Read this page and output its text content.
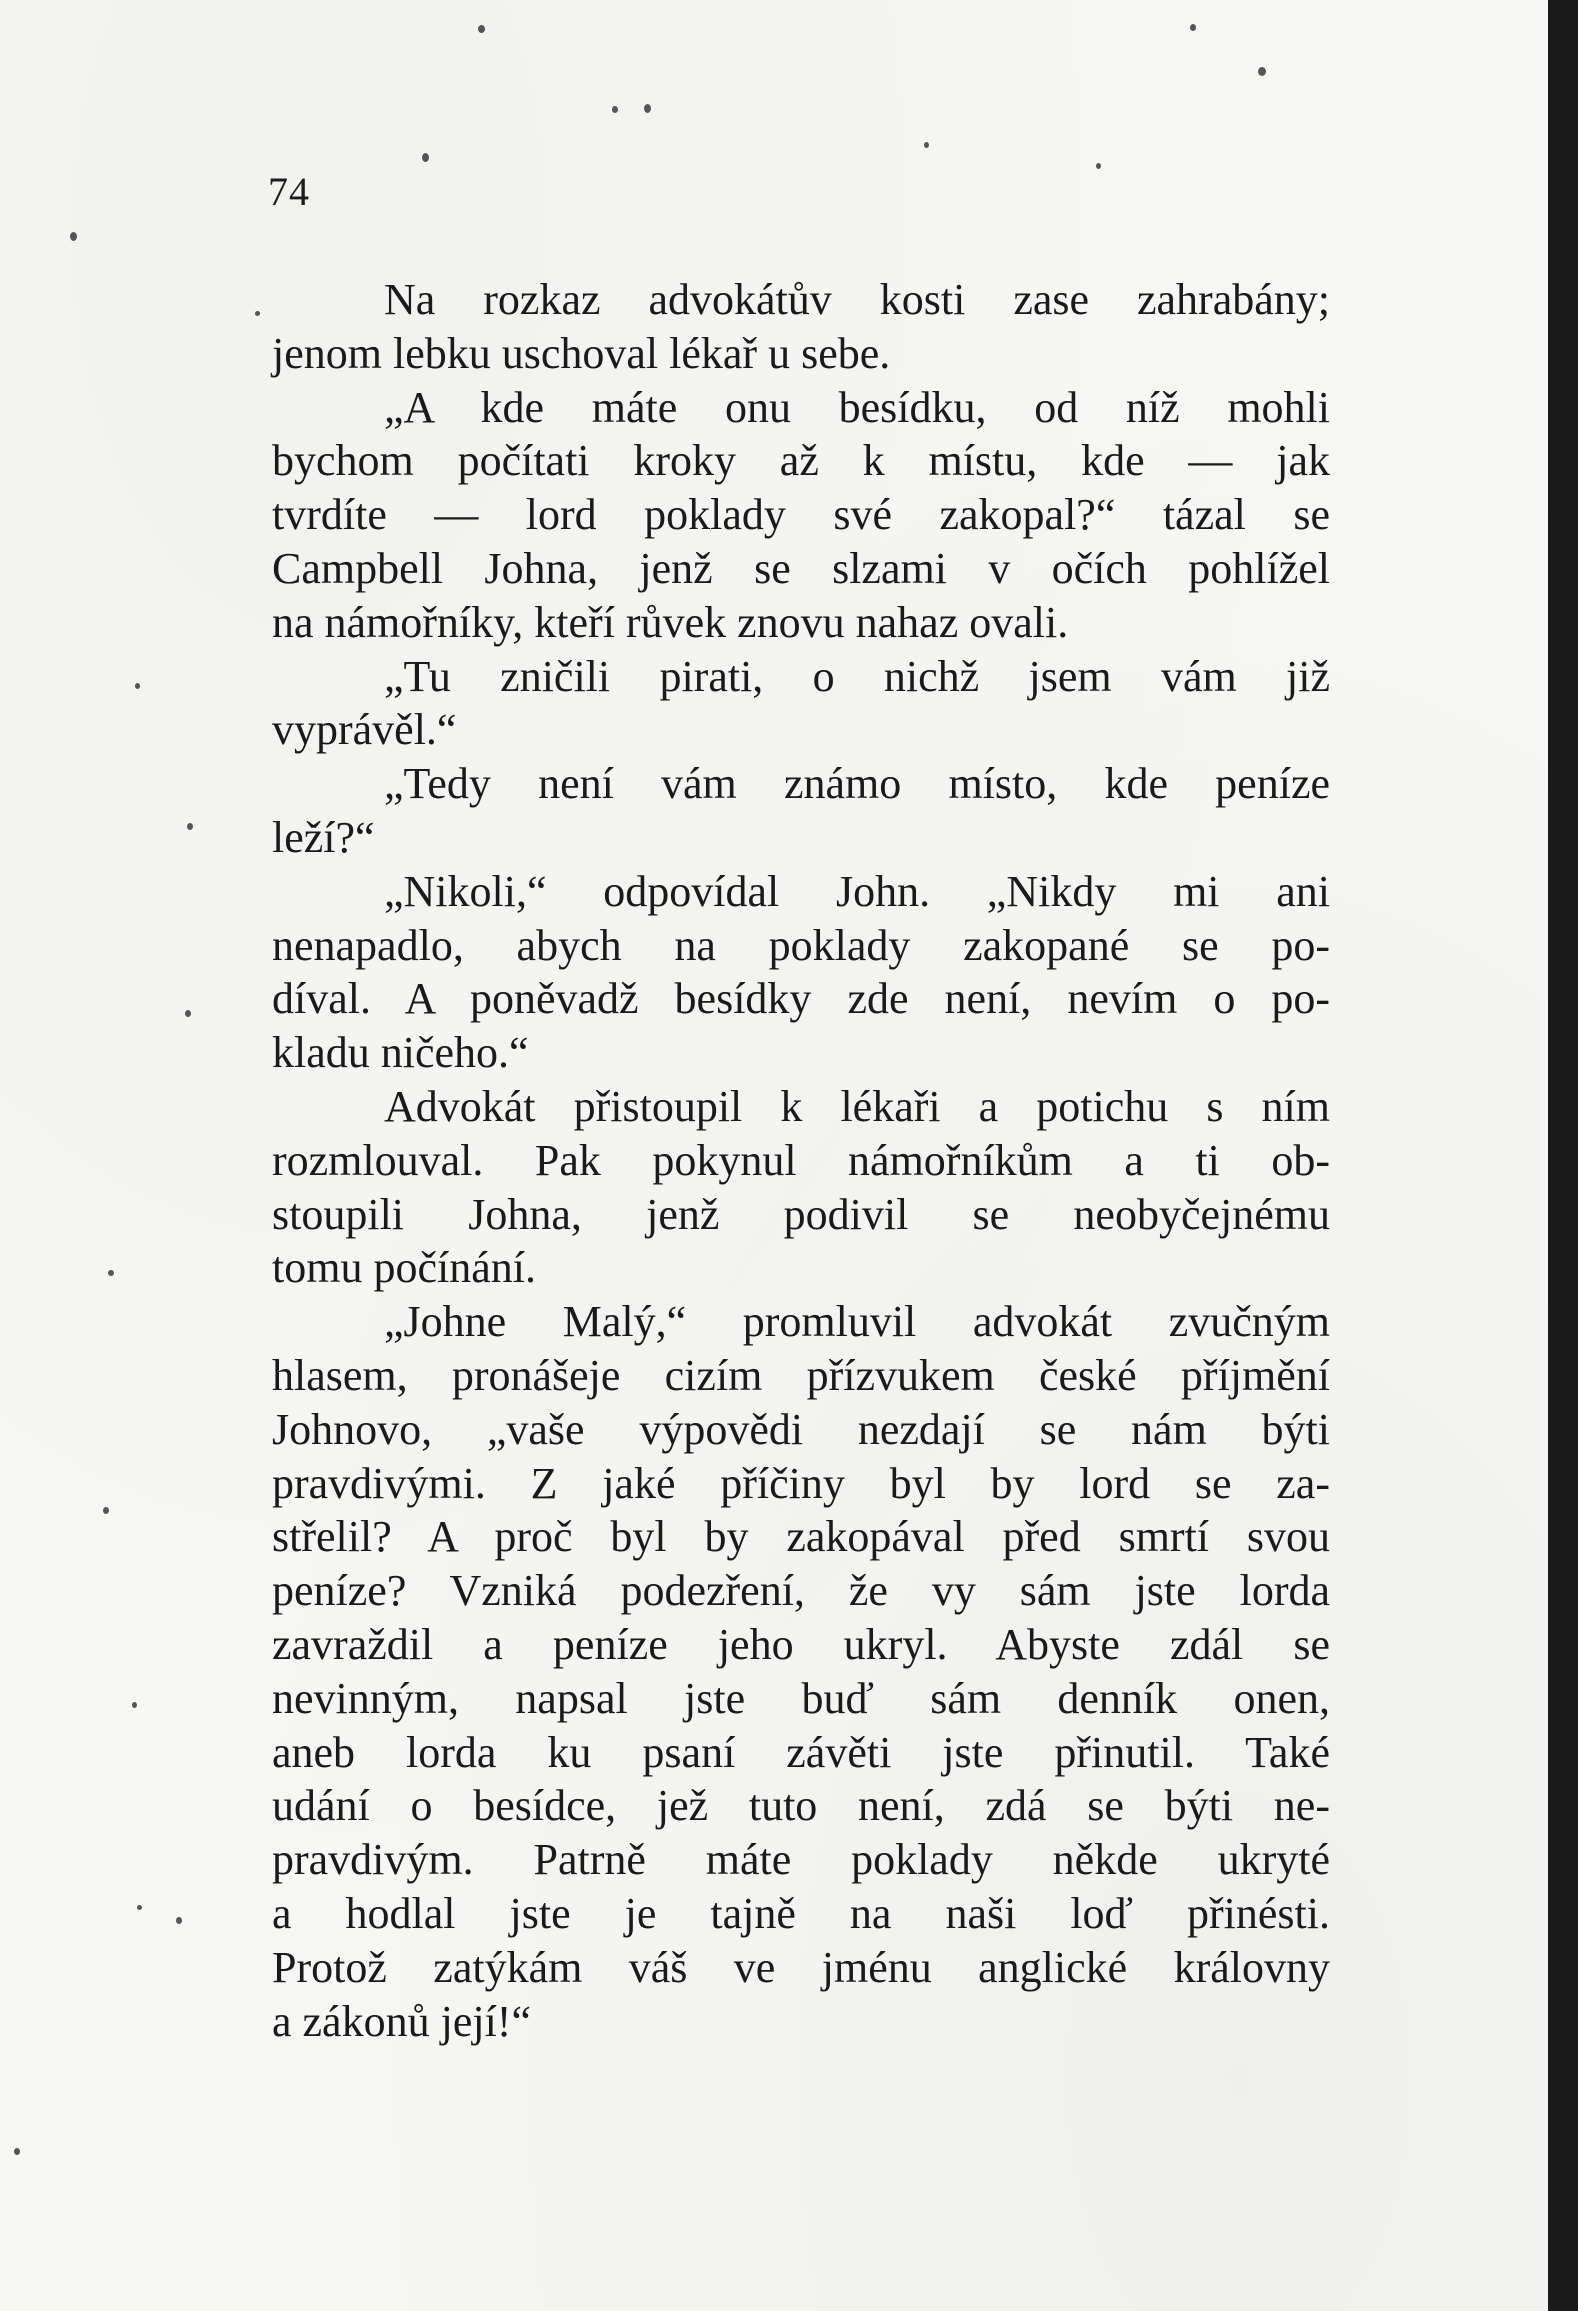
74
Na rozkaz advokátův kosti zase zahrabány;
jenom lebku uschoval lékař u sebe.
„A kde máte onu besídku, od níž mohli
bychom počítati kroky až k místu, kde — jak
tvrdíte — lord poklady své zakopal?“ tázal se
Campbell Johna, jenž se slzami v očích pohlížel
na námořníky, kteří růvek znovu nahaz ovali.
„Tu zničili pirati, o nichž jsem vám již
vyprávěl.“
„Tedy není vám známo místo, kde peníze
leží?“
„Nikoli,“ odpovídal John. „Nikdy mi ani
nenapadlo, abych na poklady zakopané se po-
díval. A poněvadž besídky zde není, nevím o po-
kladu ničeho.“
Advokát přistoupil k lékaři a potichu s ním
rozmlouval. Pak pokynul námořníkům a ti ob-
stoupili Johna, jenž podivil se neobyčejnému
tomu počínání.
„Johne Malý,“ promluvil advokát zvučným
hlasem, pronášeje cizím přízvukem české příjmění
Johnovo, „vaše výpovědi nezdají se nám býti
pravdivými. Z jaké příčiny byl by lord se za-
střelil? A proč byl by zakopával před smrtí svou
peníze? Vzniká podezření, že vy sám jste lorda
zavraždil a peníze jeho ukryl. Abyste zdál se
nevinným, napsal jste buď sám denník onen,
aneb lorda ku psaní závěti jste přinutil. Také
udání o besídce, jež tuto není, zdá se býti ne-
pravdivým. Patrně máte poklady někde ukryté
a hodlal jste je tajně na naši loď přinésti.
Protož zatýkám váš ve jménu anglické královny
a zákonů její!“
